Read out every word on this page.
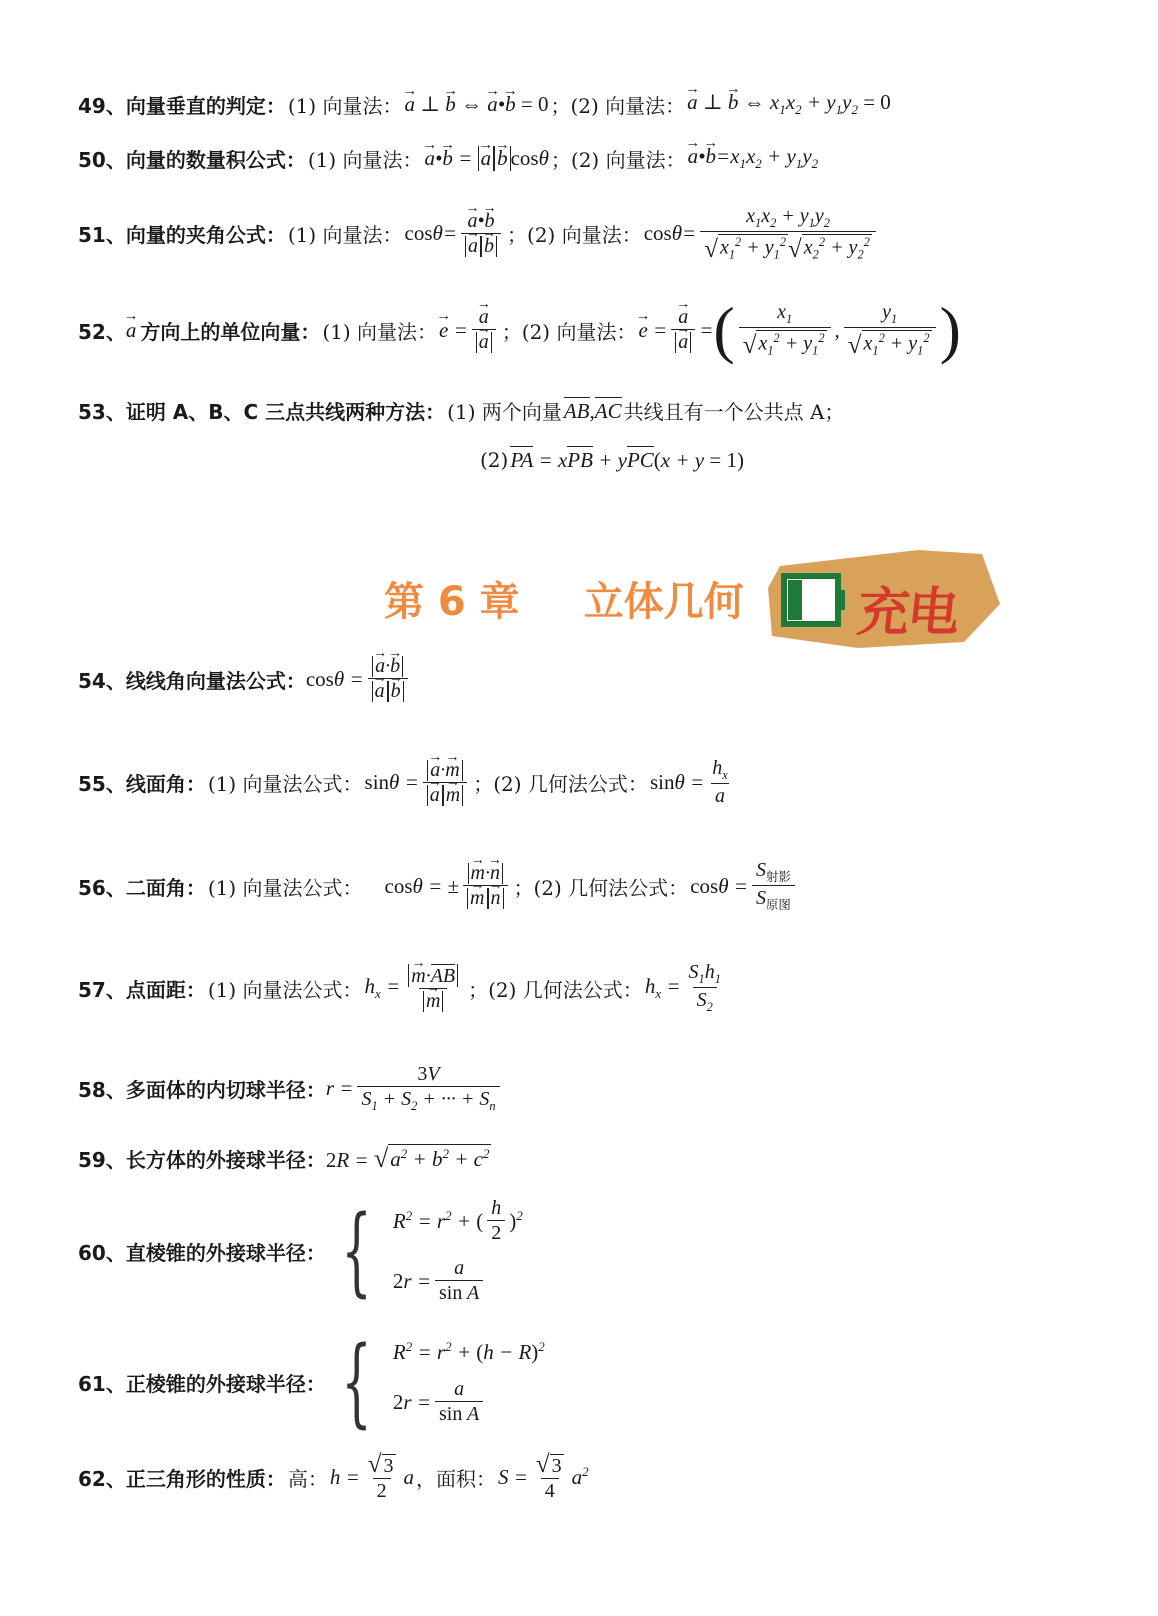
49、 向量垂直的判定： (1) 向量法： → a ⊥ → b ⇔ → a•→ b = 0 ；(2) 向量法： → a ⊥ → b ⇔ $x_1x_2 + y_1y_2 = 0$
50、 向量的数量积公式： (1) 向量法： → a•→ b = → a → b cosθ ；(2) 向量法： → a•→ $b=x_1x_2 + y_1y_2$
51、 向量的夹角公式： (1) 向量法： cosθ= → a•→ b
→ a → b ；(2) 向量法： $\cos\theta= \frac{x_1x_2 + y_1y_2}{√ x_1^2 + y_1^2 √ x_2^2 + y_2^2}$
52、 → a 方向上的单位向量： (1) 向量法： → e = → a
→ a ；(2) 向量法： → e = → a
→ a = ( $\frac{x_1}{√ x_1^2 + y_1^2}$ , $\frac{y_1}{√ x_1^2 + y_1^2}$ )
53、 证明 A、B、C 三点共线两种方法： (1) 两个向量 AB,AC 共线且有一个公共点 A；
(2) PA = xPB + yPC(x + y = 1)
第 6 章 立体几何 充电
54、 线线角向量法公式： cosθ = → a·→ b
→ a → b
55、 线面角： (1) 向量法公式： sinθ = → a·→ m
→ a → m ；(2) 几何法公式： $\sin\theta = \frac{h_x}{a}$
56、 二面角： (1) 向量法公式： cosθ = ± → m·→ n
→ m → n ；(2) 几何法公式： $\cos\theta = \frac{S_{射影}}{S_{原图}}$
57、 点面距： (1) 向量法公式： $h_x$ = → m·AB
→ m ；(2) 几何法公式： $h_x = \frac{S_1h_1}{S_2}$
58、 多面体的内切球半径： $r = \frac{3V}{S_1 + S_2 + \cdot\cdot\cdot + S_n}$
59、 长方体的外接球半径： 2R = √ $a^2 + b^2 + c^2$
60、 直棱锥的外接球半径： { $R^2 = r^2$ + ( $\frac{h}{2} )^2$
$2r = \frac{a}{\text{sin A}}$
61、 正棱锥的外接球半径： { $R^2 = r^2 + (h - R)^2$
$2r = \frac{a}{\text{sin A}}$
62、 正三角形的性质： 高： $h = \frac{√ 3}{2}$ a ，面积： $S = \frac{√ 3}{4} a^2$
